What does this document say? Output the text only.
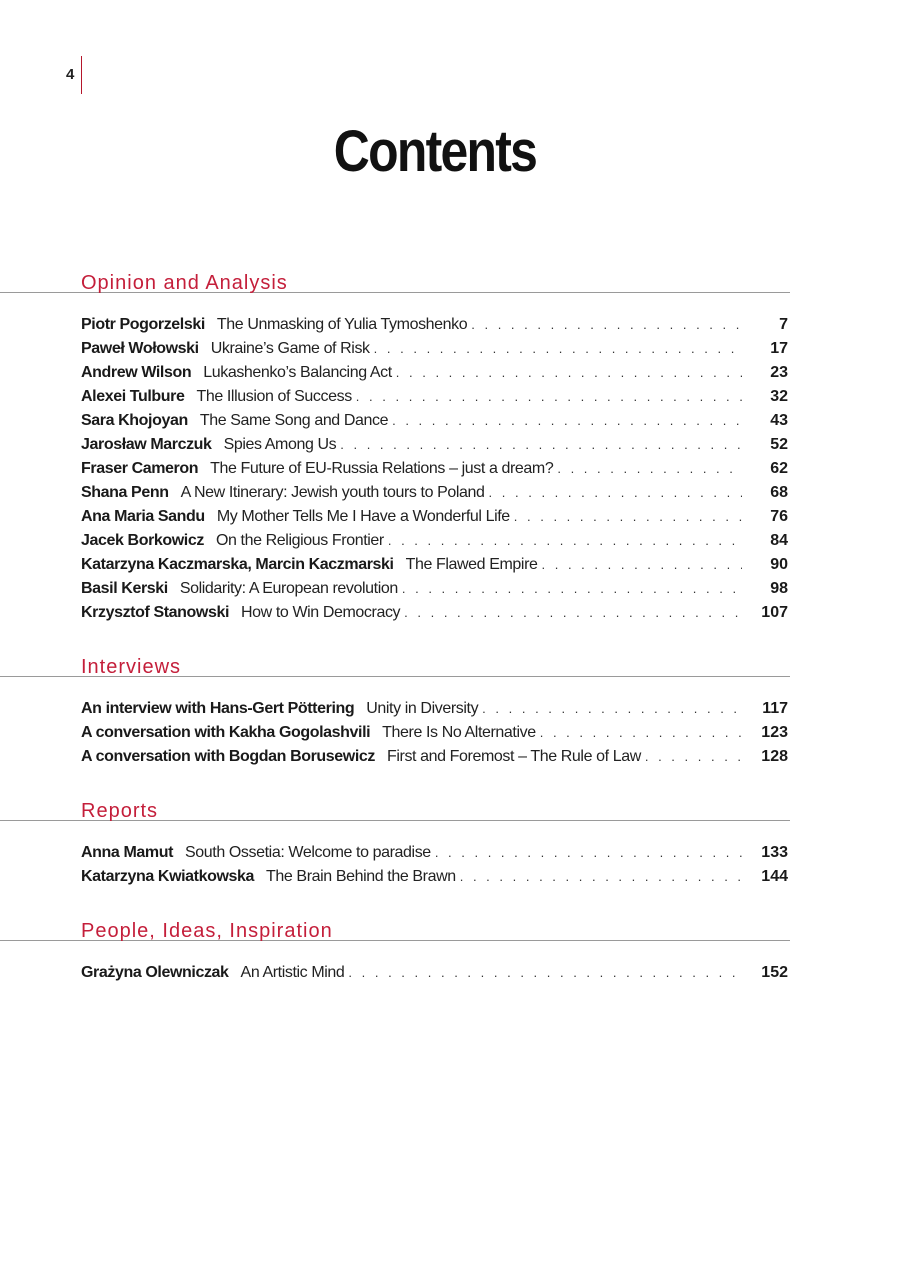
4
Contents
Opinion and Analysis
Piotr Pogorzelski The Unmasking of Yulia Tymoshenko . . .	7
Paweł Wołowski Ukraine’s Game of Risk . . .	17
Andrew Wilson Lukashenko’s Balancing Act . . .	23
Alexei Tulbure The Illusion of Success . . .	32
Sara Khojoyan The Same Song and Dance . . .	43
Jarosław Marczuk Spies Among Us . . .	52
Fraser Cameron The Future of EU-Russia Relations – just a dream? . . .	62
Shana Penn A New Itinerary: Jewish youth tours to Poland . . .	68
Ana Maria Sandu My Mother Tells Me I Have a Wonderful Life . . .	76
Jacek Borkowicz On the Religious Frontier . . .	84
Katarzyna Kaczmarska, Marcin Kaczmarski The Flawed Empire . . .	90
Basil Kerski Solidarity: A European revolution . . .	98
Krzysztof Stanowski How to Win Democracy . . .	107
Interviews
An interview with Hans-Gert Pöttering Unity in Diversity . . .	117
A conversation with Kakha Gogolashvili There Is No Alternative . . .	123
A conversation with Bogdan Borusewicz First and Foremost – The Rule of Law . . .	128
Reports
Anna Mamut South Ossetia: Welcome to paradise . . .	133
Katarzyna Kwiatkowska The Brain Behind the Brawn . . .	144
People, Ideas, Inspiration
Grażyna Olewniczak An Artistic Mind . . .	152
